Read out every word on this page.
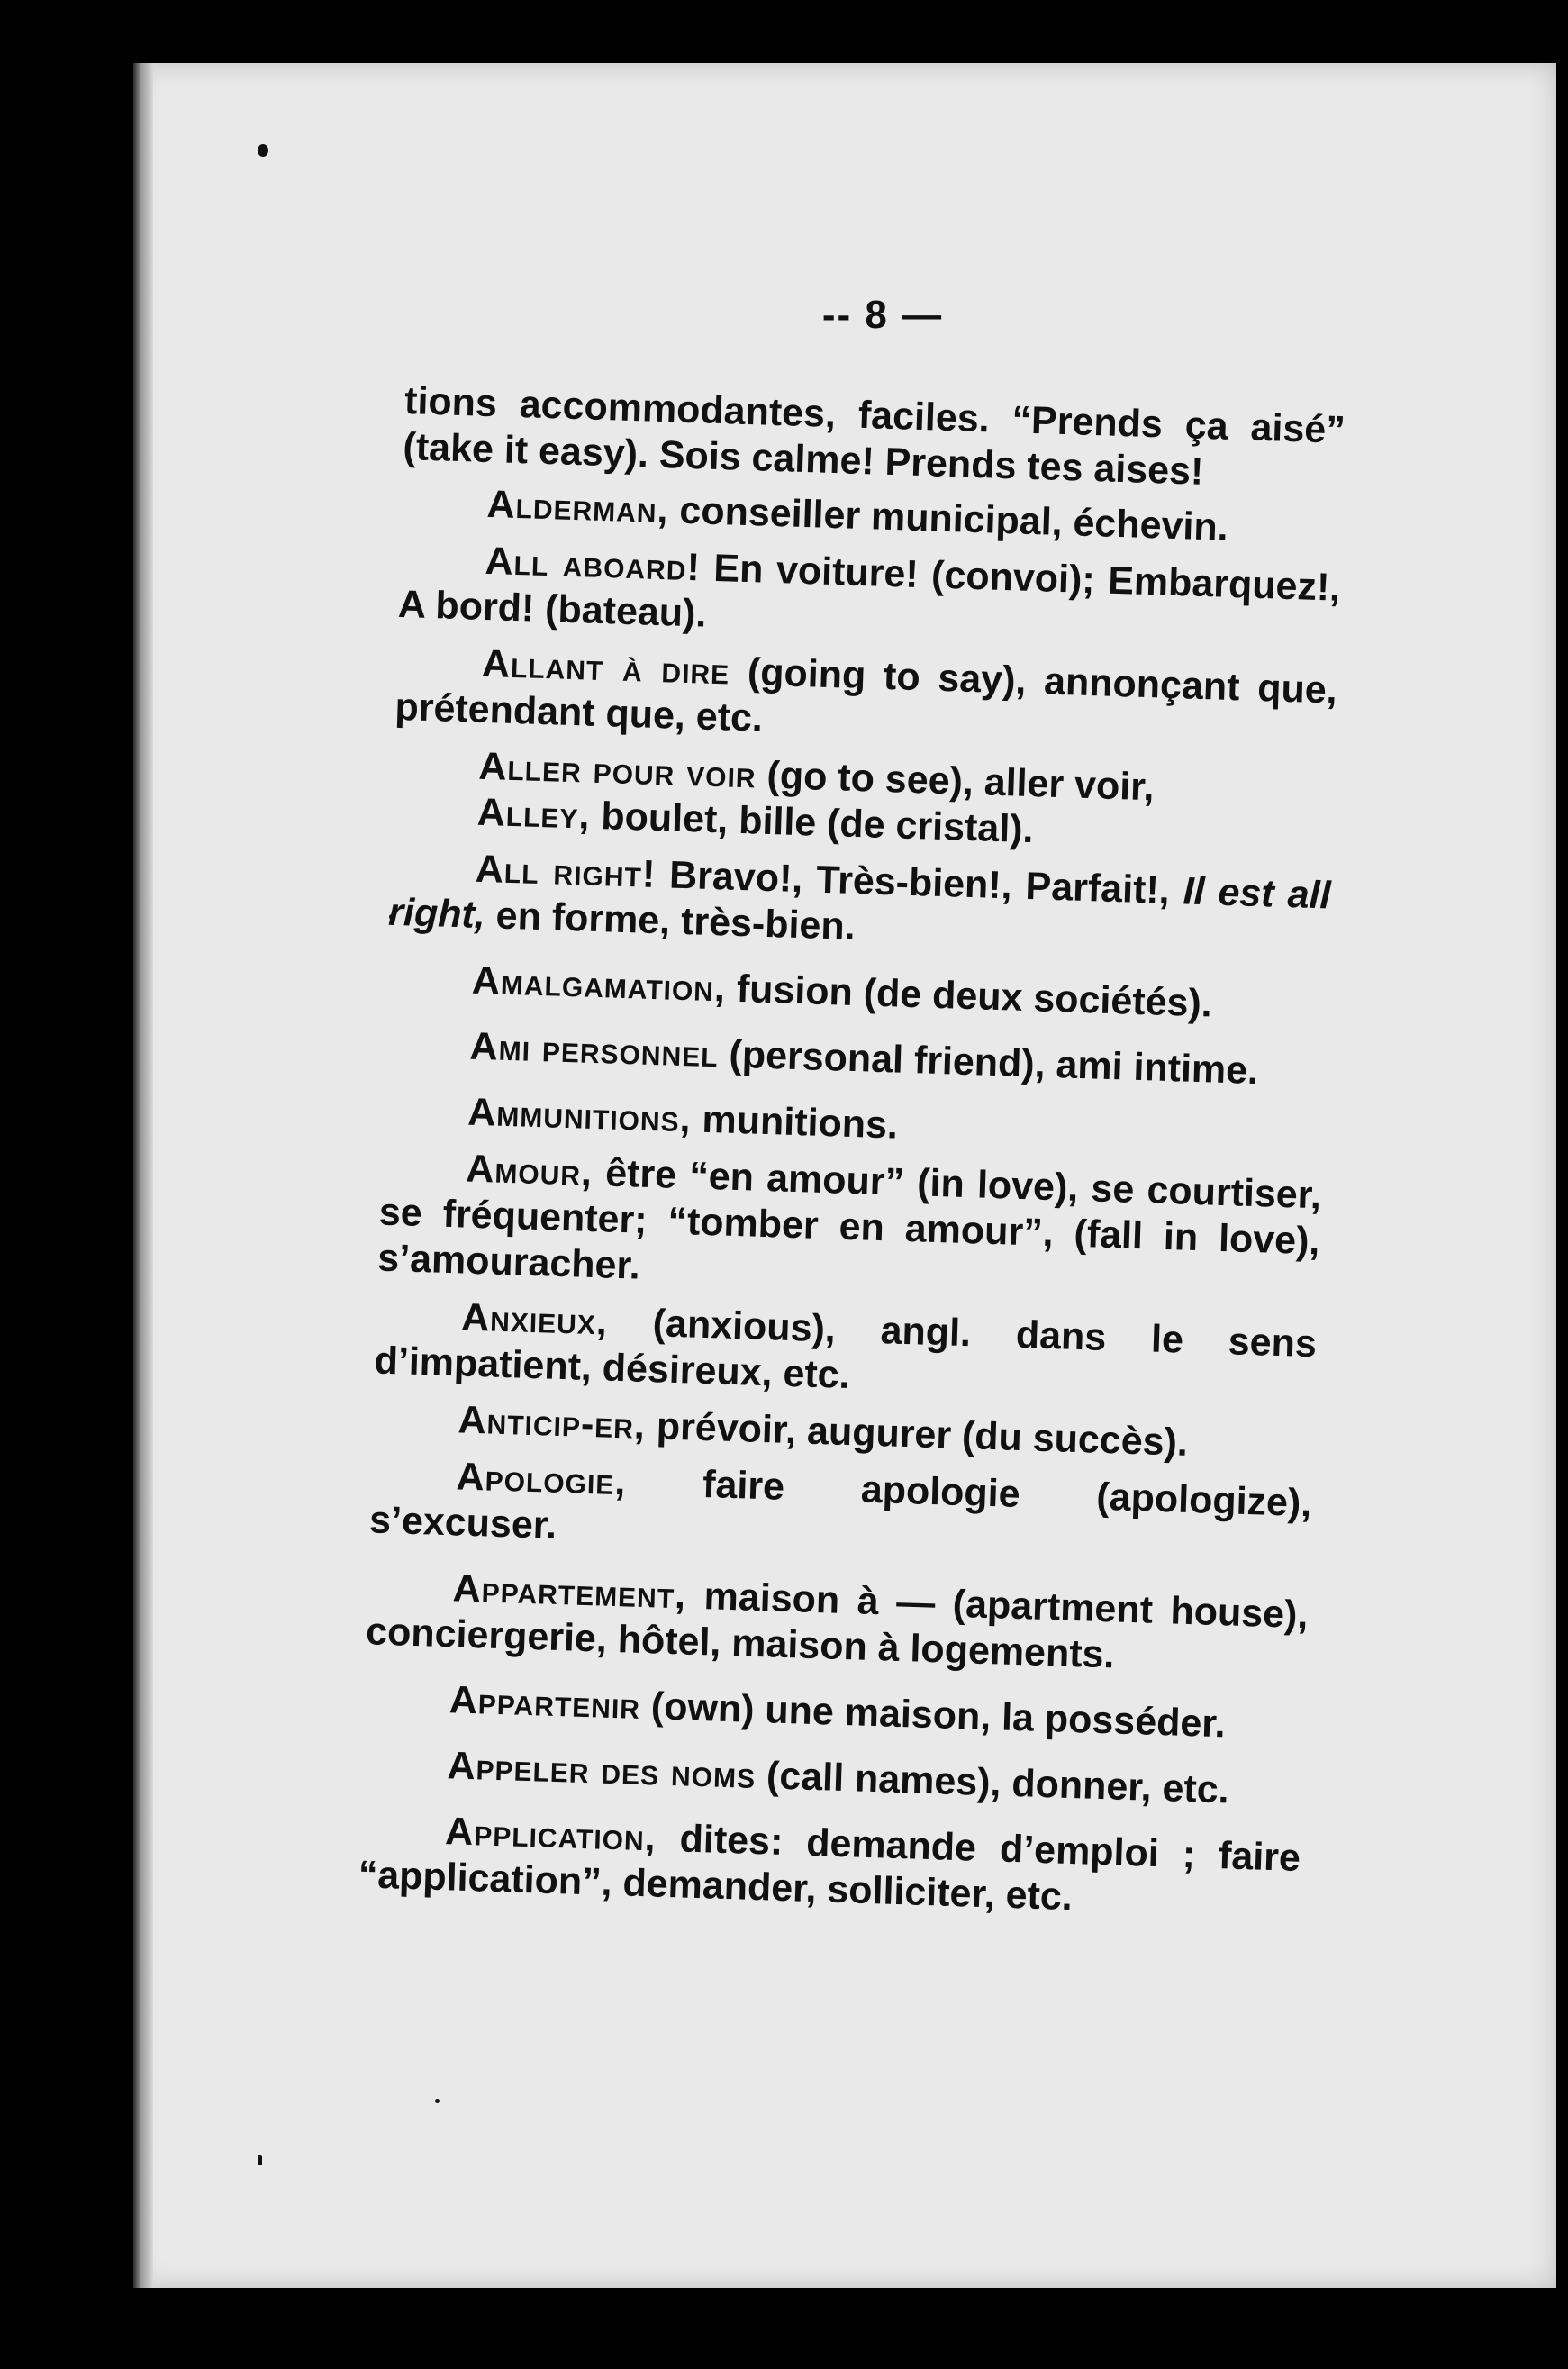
-- 8 —

tions accommodantes, faciles. “Prends ça aisé” (take it easy). Sois calme! Prends tes aises!

Alderman, conseiller municipal, échevin.

All aboard! En voiture! (convoi); Embarquez!, A bord! (bateau).

Allant à dire (going to say), annonçant que, prétendant que, etc.

Aller pour voir (go to see), aller voir,

Alley, boulet, bille (de cristal).

All right! Bravo!, Très-bien!, Parfait!, Il est all right, en forme, très-bien.

Amalgamation, fusion (de deux sociétés).

Ami personnel (personal friend), ami intime.

Ammunitions, munitions.

Amour, être “en amour” (in love), se courtiser, se fréquenter; “tomber en amour”, (fall in love), s’amouracher.

Anxieux, (anxious), angl. dans le sens d’impatient, désireux, etc.

Anticip-er, prévoir, augurer (du succès).

Apologie, faire apologie (apologize), s’excuser.

Appartement, maison à — (apartment house), conciergerie, hôtel, maison à logements.

Appartenir (own) une maison, la posséder.

Appeler des noms (call names), donner, etc.

Application, dites: demande d’emploi ; faire “application”, demander, solliciter, etc.
